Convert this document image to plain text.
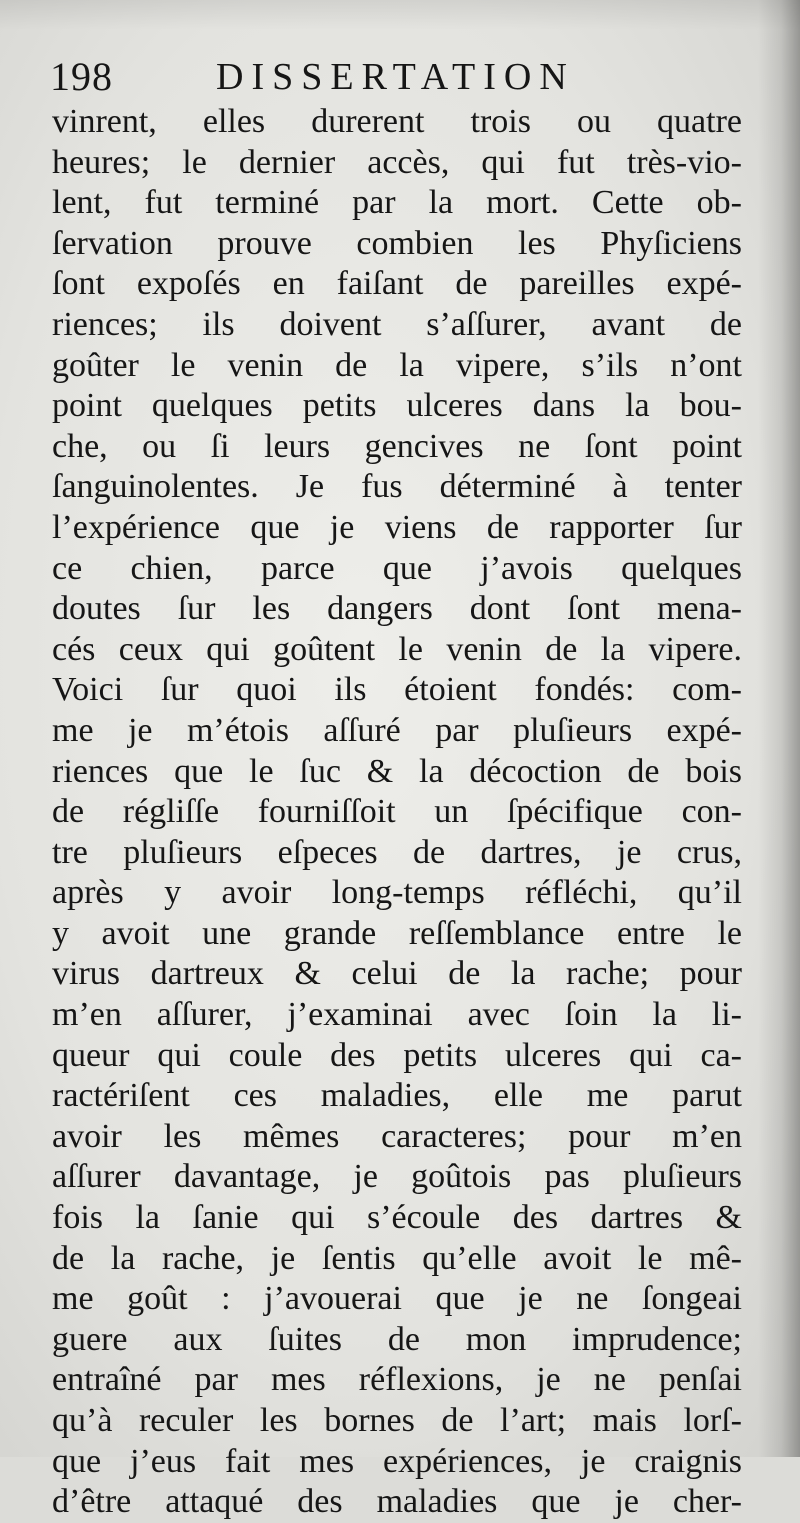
198	DISSERTATION
vinrent, elles durerent trois ou quatre
heures; le dernier accès, qui fut très-vio-
lent, fut terminé par la mort. Cette ob-
ſervation prouve combien les Phyſiciens
ſont expoſés en faiſant de pareilles expé-
riences; ils doivent s’aſſurer, avant de
goûter le venin de la vipere, s’ils n’ont
point quelques petits ulceres dans la bou-
che, ou ſi leurs gencives ne ſont point
ſanguinolentes. Je fus déterminé à tenter
l’expérience que je viens de rapporter ſur
ce chien, parce que j’avois quelques
doutes ſur les dangers dont ſont mena-
cés ceux qui goûtent le venin de la vipere.
Voici ſur quoi ils étoient fondés: com-
me je m’étois aſſuré par pluſieurs expé-
riences que le ſuc & la décoction de bois
de régliſſe fourniſſoit un ſpécifique con-
tre pluſieurs eſpeces de dartres, je crus,
après y avoir long-temps réfléchi, qu’il
y avoit une grande reſſemblance entre le
virus dartreux & celui de la rache; pour
m’en aſſurer, j’examinai avec ſoin la li-
queur qui coule des petits ulceres qui ca-
ractériſent ces maladies, elle me parut
avoir les mêmes caracteres; pour m’en
aſſurer davantage, je goûtois pas pluſieurs
fois la ſanie qui s’écoule des dartres &
de la rache, je ſentis qu’elle avoit le mê-
me goût : j’avouerai que je ne ſongeai
guere aux ſuites de mon imprudence;
entraîné par mes réflexions, je ne penſai
qu’à reculer les bornes de l’art; mais lorſ-
que j’eus fait mes expériences, je craignis
d’être attaqué des maladies que je cher-
